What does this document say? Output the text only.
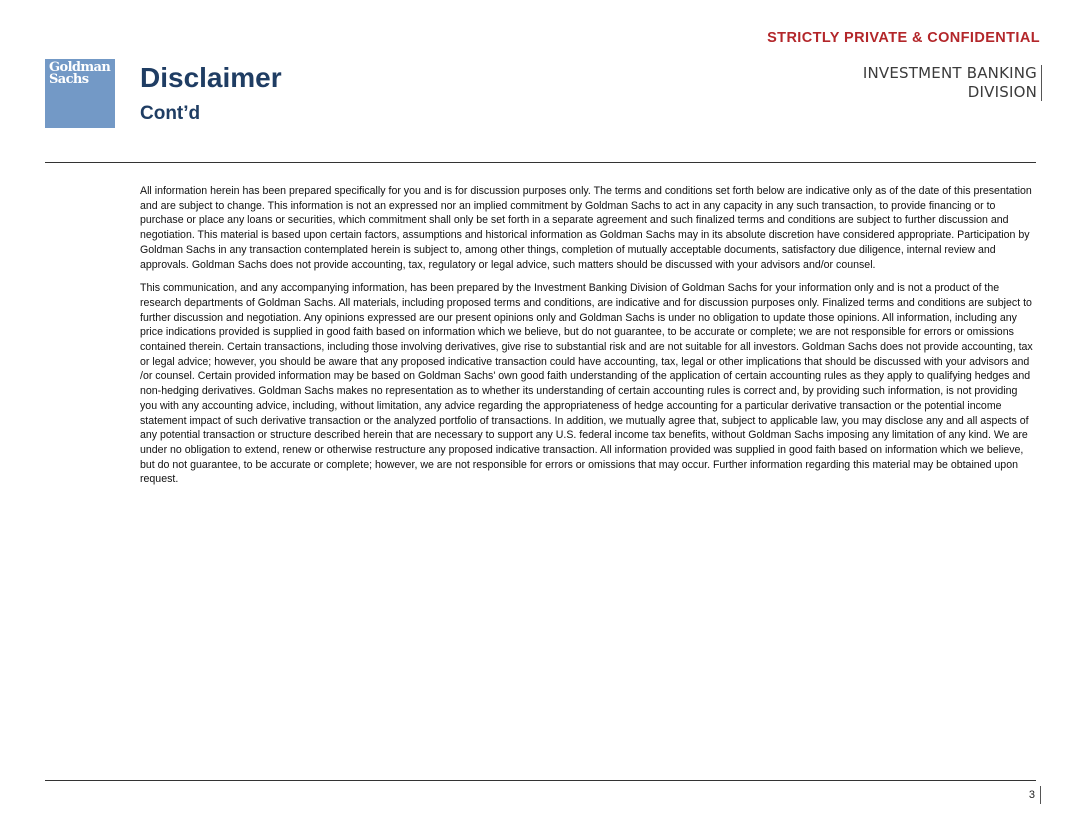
STRICTLY PRIVATE & CONFIDENTIAL
Goldman
Sachs	Disclaimer
Cont’d
INVESTMENT BANKING
DIVISION

All information herein has been prepared specifically for you and is for discussion purposes only. The terms and conditions set forth below are indicative only as of the date of this presentation and are subject to change. This information is not an expressed nor an implied commitment by Goldman Sachs to act in any capacity in any such transaction, to provide financing or to purchase or place any loans or securities, which commitment shall only be set forth in a separate agreement and such finalized terms and conditions are subject to further discussion and negotiation. This material is based upon certain factors, assumptions and historical information as Goldman Sachs may in its absolute discretion have considered appropriate. Participation by Goldman Sachs in any transaction contemplated herein is subject to, among other things, completion of mutually acceptable documents, satisfactory due diligence, internal review and approvals. Goldman Sachs does not provide accounting, tax, regulatory or legal advice, such matters should be discussed with your advisors and/or counsel.

This communication, and any accompanying information, has been prepared by the Investment Banking Division of Goldman Sachs for your information only and is not a product of the research departments of Goldman Sachs. All materials, including proposed terms and conditions, are indicative and for discussion purposes only. Finalized terms and conditions are subject to further discussion and negotiation. Any opinions expressed are our present opinions only and Goldman Sachs is under no obligation to update those opinions. All information, including any price indications provided is supplied in good faith based on information which we believe, but do not guarantee, to be accurate or complete; we are not responsible for errors or omissions contained therein. Certain transactions, including those involving derivatives, give rise to substantial risk and are not suitable for all investors. Goldman Sachs does not provide accounting, tax or legal advice; however, you should be aware that any proposed indicative transaction could have accounting, tax, legal or other implications that should be discussed with your advisors and /or counsel. Certain provided information may be based on Goldman Sachs' own good faith understanding of the application of certain accounting rules as they apply to qualifying hedges and non-hedging derivatives. Goldman Sachs makes no representation as to whether its understanding of certain accounting rules is correct and, by providing such information, is not providing you with any accounting advice, including, without limitation, any advice regarding the appropriateness of hedge accounting for a particular derivative transaction or the potential income statement impact of such derivative transaction or the analyzed portfolio of transactions. In addition, we mutually agree that, subject to applicable law, you may disclose any and all aspects of any potential transaction or structure described herein that are necessary to support any U.S. federal income tax benefits, without Goldman Sachs imposing any limitation of any kind. We are under no obligation to extend, renew or otherwise restructure any proposed indicative transaction. All information provided was supplied in good faith based on information which we believe, but do not guarantee, to be accurate or complete; however, we are not responsible for errors or omissions that may occur. Further information regarding this material may be obtained upon request.

3
